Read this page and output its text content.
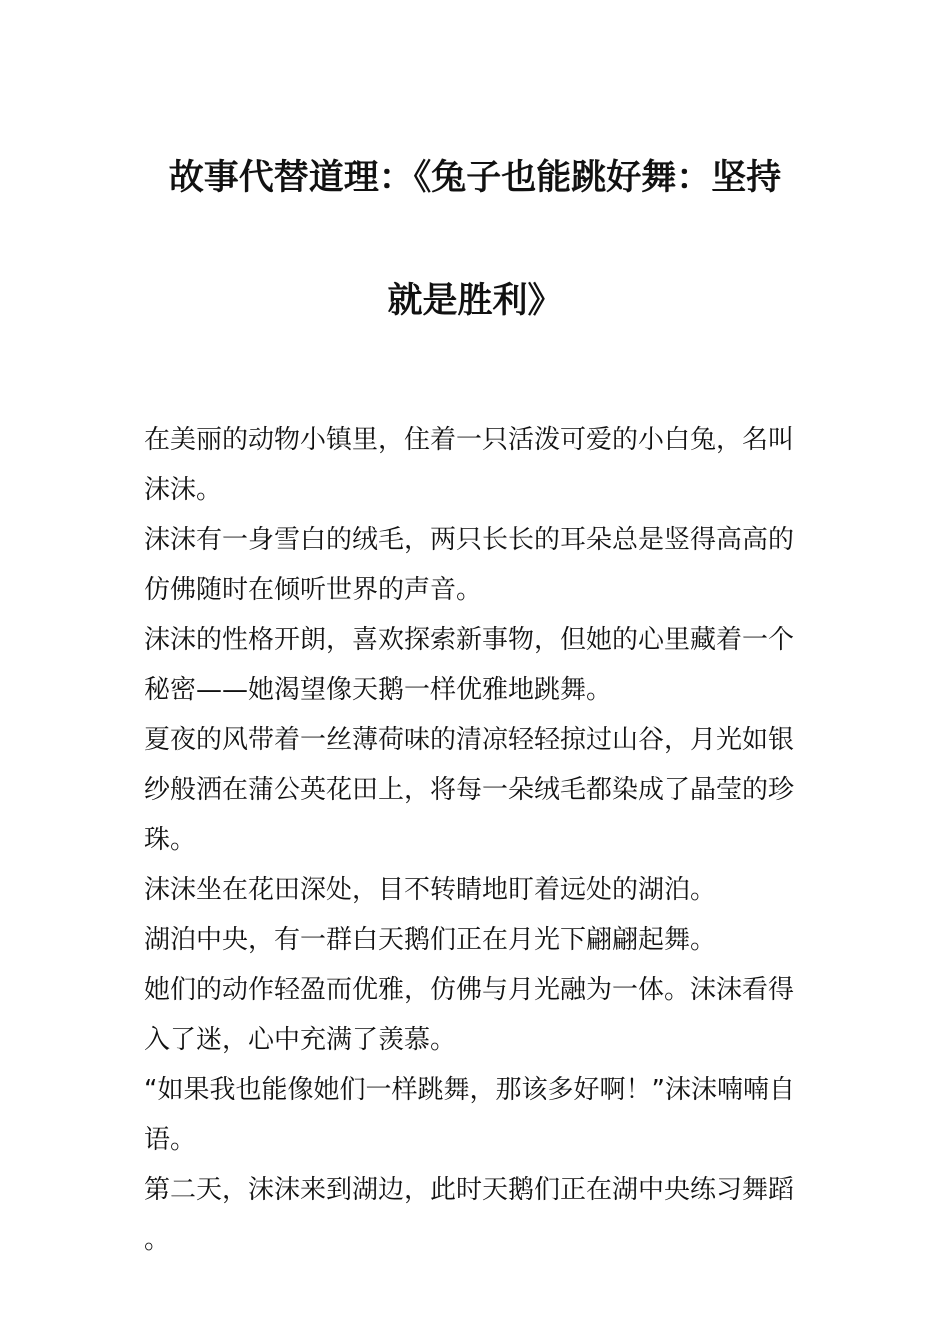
故事代替道理：《兔子也能跳好舞：坚持
就是胜利》

在美丽的动物小镇里，住着一只活泼可爱的小白兔，名叫沫沫。

沫沫有一身雪白的绒毛，两只长长的耳朵总是竖得高高的仿佛随时在倾听世界的声音。

沫沫的性格开朗，喜欢探索新事物，但她的心里藏着一个秘密——她渴望像天鹅一样优雅地跳舞。

夏夜的风带着一丝薄荷味的清凉轻轻掠过山谷，月光如银纱般洒在蒲公英花田上，将每一朵绒毛都染成了晶莹的珍珠。

沫沫坐在花田深处，目不转睛地盯着远处的湖泊。

湖泊中央，有一群白天鹅们正在月光下翩翩起舞。

她们的动作轻盈而优雅，仿佛与月光融为一体。沫沫看得入了迷，心中充满了羡慕。

“如果我也能像她们一样跳舞，那该多好啊！”沫沫喃喃自语。

第二天，沫沫来到湖边，此时天鹅们正在湖中央练习舞蹈。
